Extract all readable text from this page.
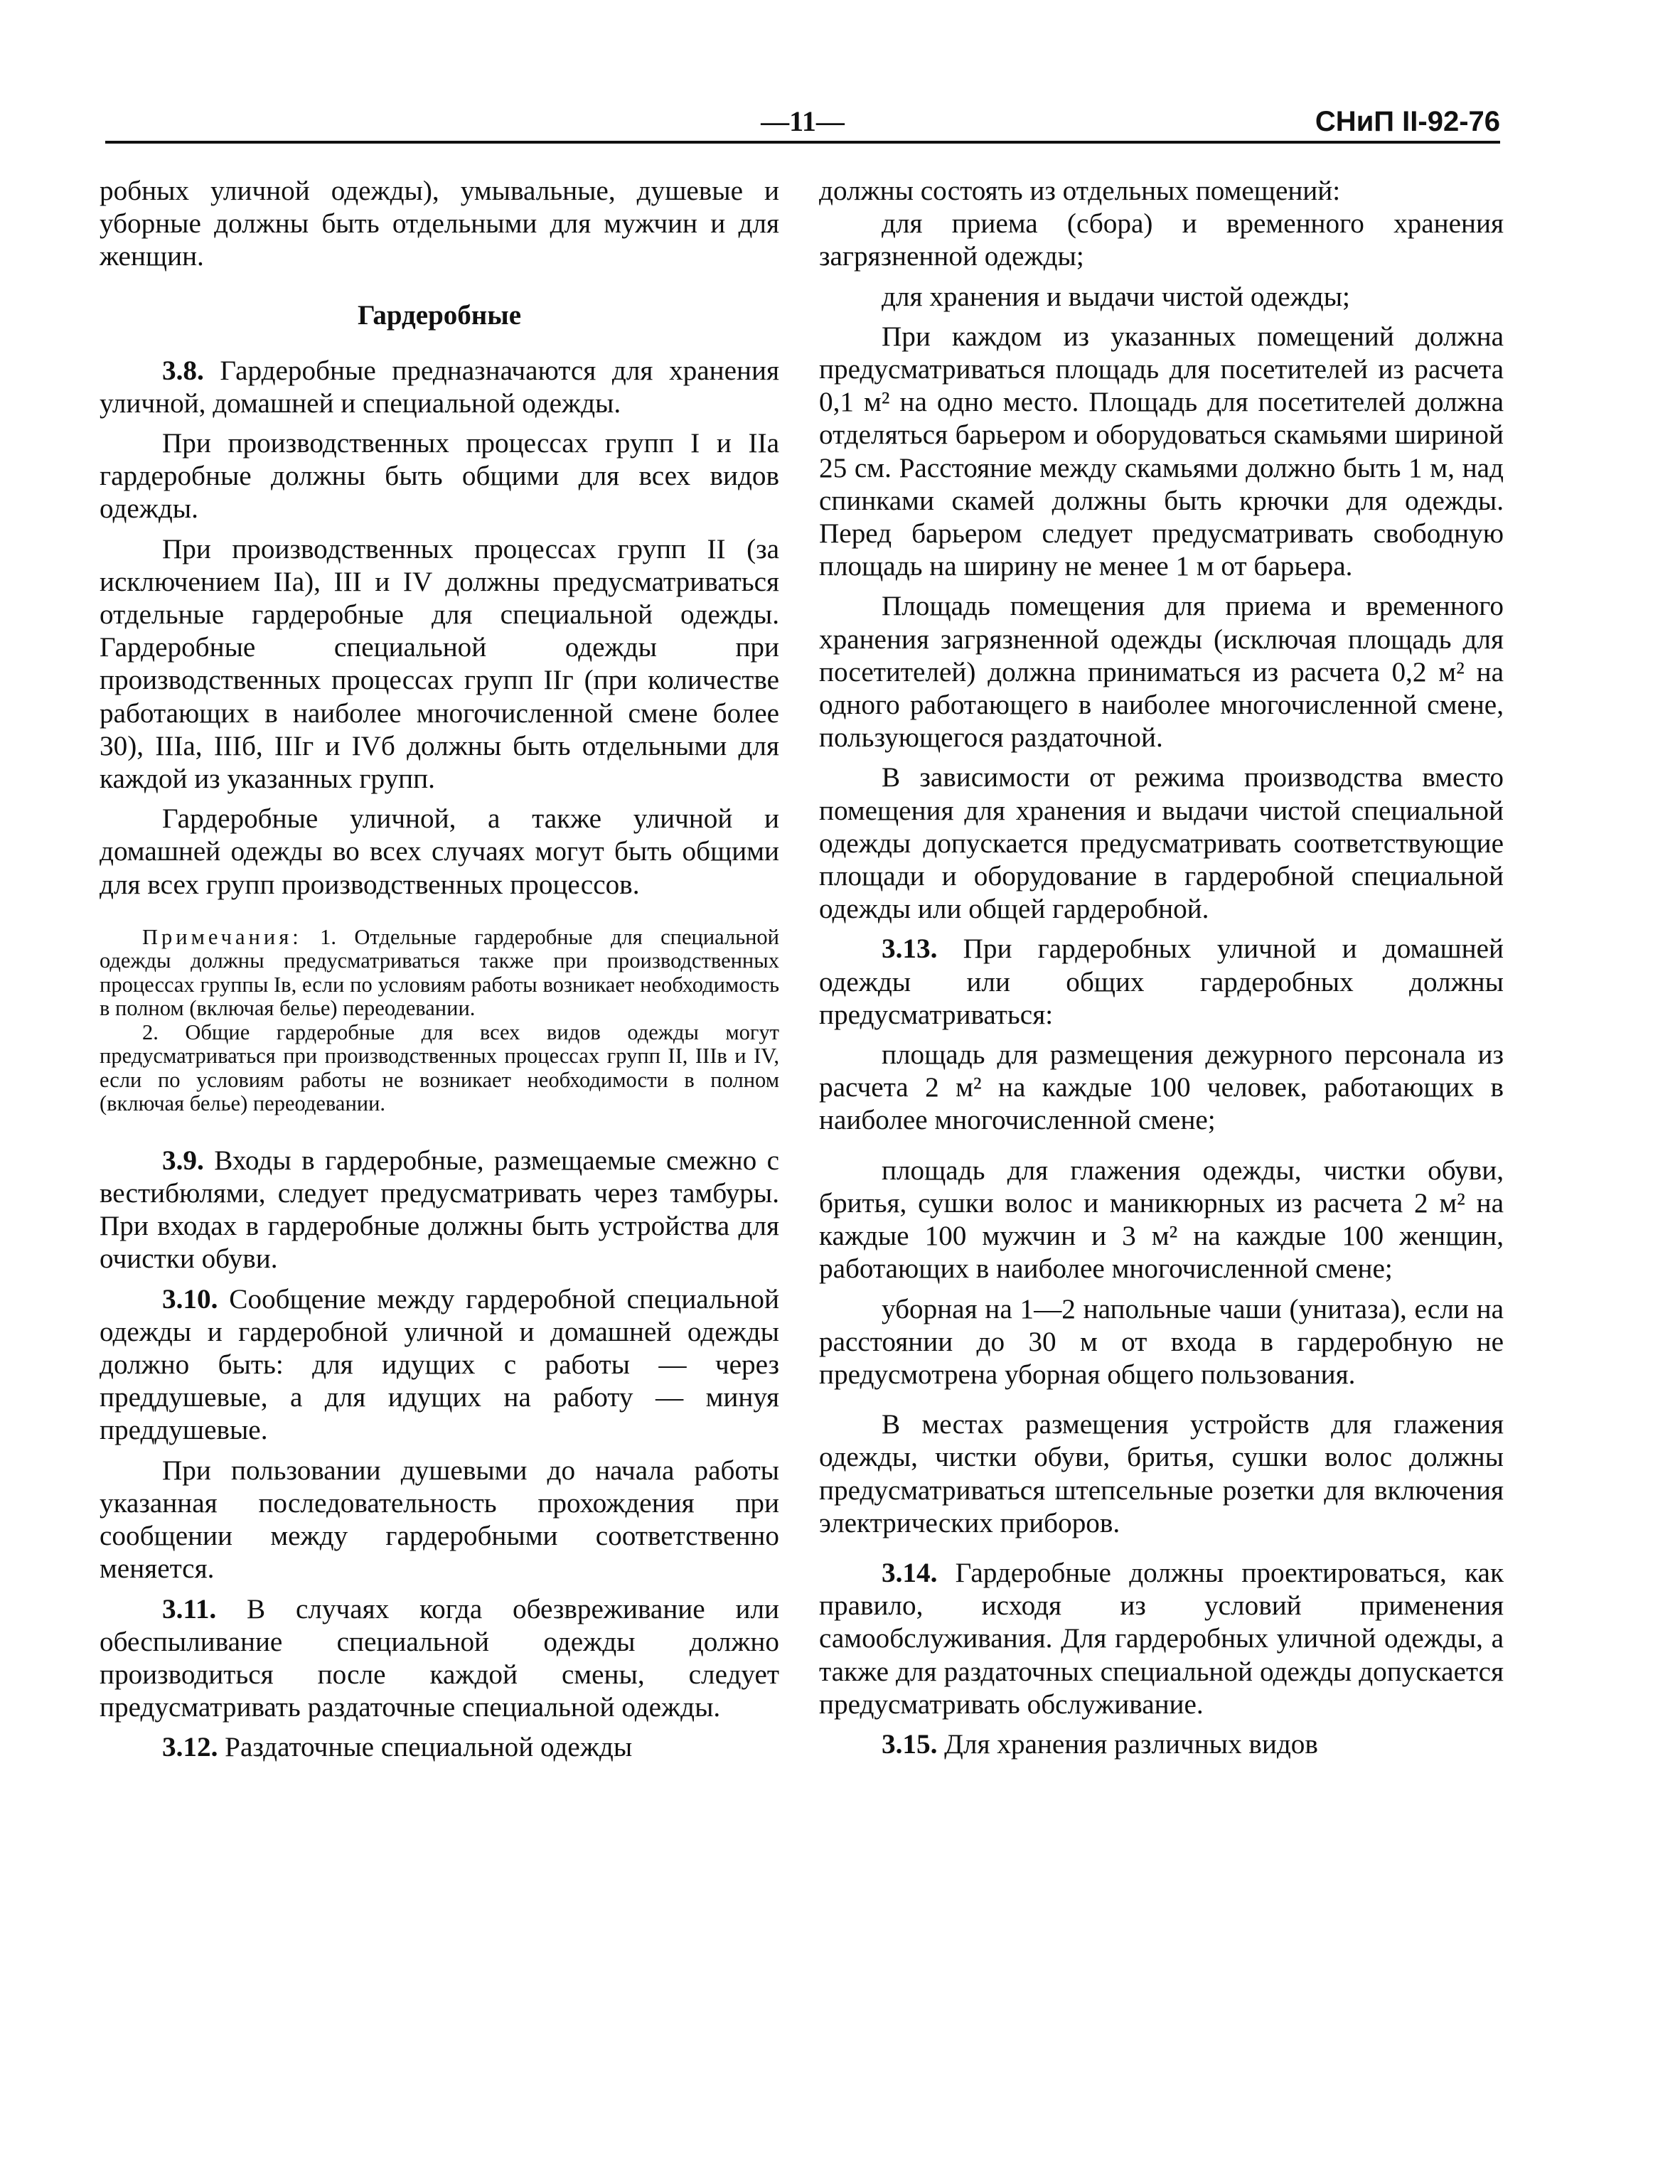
—11—	СНиП II-92-76

робных уличной одежды), умывальные, душевые и уборные должны быть отдельными для мужчин и для женщин.

Гардеробные

3.8. Гардеробные предназначаются для хранения уличной, домашней и специальной одежды.

При производственных процессах групп I и IIа гардеробные должны быть общими для всех видов одежды.

При производственных процессах групп II (за исключением IIа), III и IV должны предусматриваться отдельные гардеробные для специальной одежды. Гардеробные специальной одежды при производственных процессах групп IIг (при количестве работающих в наиболее многочисленной смене более 30), IIIа, IIIб, IIIг и IVб должны быть отдельными для каждой из указанных групп.

Гардеробные уличной, а также уличной и домашней одежды во всех случаях могут быть общими для всех групп производственных процессов.

Примечания: 1. Отдельные гардеробные для специальной одежды должны предусматриваться также при производственных процессах группы Iв, если по условиям работы возникает необходимость в полном (включая белье) переодевании.

2. Общие гардеробные для всех видов одежды могут предусматриваться при производственных процессах групп II, IIIв и IV, если по условиям работы не возникает необходимости в полном (включая белье) переодевании.

3.9. Входы в гардеробные, размещаемые смежно с вестибюлями, следует предусматривать через тамбуры. При входах в гардеробные должны быть устройства для очистки обуви.

3.10. Сообщение между гардеробной специальной одежды и гардеробной уличной и домашней одежды должно быть: для идущих с работы — через преддушевые, а для идущих на работу — минуя преддушевые.

При пользовании душевыми до начала работы указанная последовательность прохождения при сообщении между гардеробными соответственно меняется.

3.11. В случаях когда обезвреживание или обеспыливание специальной одежды должно производиться после каждой смены, следует предусматривать раздаточные специальной одежды.

3.12. Раздаточные специальной одежды

должны состоять из отдельных помещений:

для приема (сбора) и временного хранения загрязненной одежды;

для хранения и выдачи чистой одежды;

При каждом из указанных помещений должна предусматриваться площадь для посетителей из расчета 0,1 м² на одно место. Площадь для посетителей должна отделяться барьером и оборудоваться скамьями шириной 25 см. Расстояние между скамьями должно быть 1 м, над спинками скамей должны быть крючки для одежды. Перед барьером следует предусматривать свободную площадь на ширину не менее 1 м от барьера.

Площадь помещения для приема и временного хранения загрязненной одежды (исключая площадь для посетителей) должна приниматься из расчета 0,2 м² на одного работающего в наиболее многочисленной смене, пользующегося раздаточной.

В зависимости от режима производства вместо помещения для хранения и выдачи чистой специальной одежды допускается предусматривать соответствующие площади и оборудование в гардеробной специальной одежды или общей гардеробной.

3.13. При гардеробных уличной и домашней одежды или общих гардеробных должны предусматриваться:

площадь для размещения дежурного персонала из расчета 2 м² на каждые 100 человек, работающих в наиболее многочисленной смене;

площадь для глажения одежды, чистки обуви, бритья, сушки волос и маникюрных из расчета 2 м² на каждые 100 мужчин и 3 м² на каждые 100 женщин, работающих в наиболее многочисленной смене;

уборная на 1—2 напольные чаши (унитаза), если на расстоянии до 30 м от входа в гардеробную не предусмотрена уборная общего пользования.

В местах размещения устройств для глажения одежды, чистки обуви, бритья, сушки волос должны предусматриваться штепсельные розетки для включения электрических приборов.

3.14. Гардеробные должны проектироваться, как правило, исходя из условий применения самообслуживания. Для гардеробных уличной одежды, а также для раздаточных специальной одежды допускается предусматривать обслуживание.

3.15. Для хранения различных видов
